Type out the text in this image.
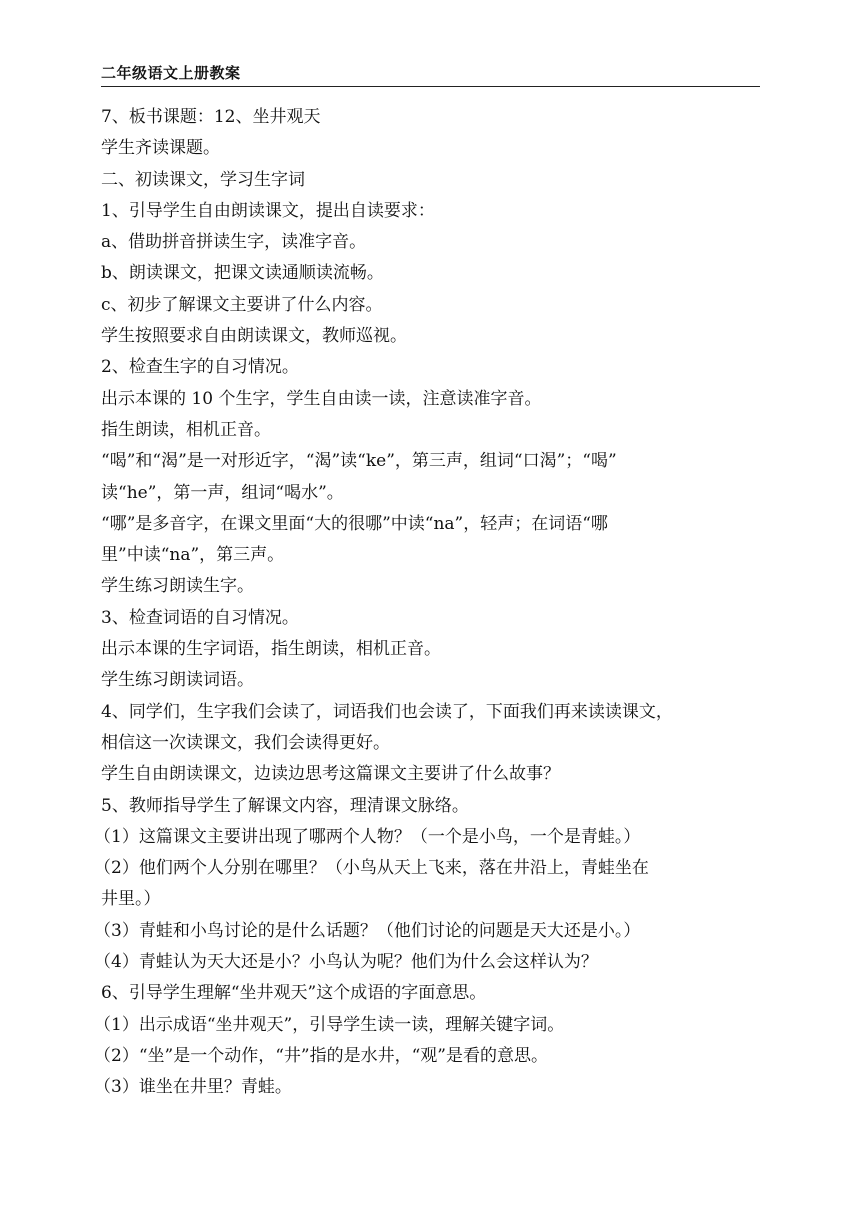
二年级语文上册教案
7、板书课题：12、坐井观天
学生齐读课题。
二、初读课文，学习生字词
1、引导学生自由朗读课文，提出自读要求：
a、借助拼音拼读生字，读准字音。
b、朗读课文，把课文读通顺读流畅。
c、初步了解课文主要讲了什么内容。
学生按照要求自由朗读课文，教师巡视。
2、检查生字的自习情况。
出示本课的 10 个生字，学生自由读一读，注意读准字音。
指生朗读，相机正音。
“喝”和“渴”是一对形近字，“渴”读“ke”，第三声，组词“口渴”；“喝”
读“he”，第一声，组词“喝水”。
“哪”是多音字，在课文里面“大的很哪”中读“na”，轻声；在词语“哪
里”中读“na”，第三声。
学生练习朗读生字。
3、检查词语的自习情况。
出示本课的生字词语，指生朗读，相机正音。
学生练习朗读词语。
4、同学们，生字我们会读了，词语我们也会读了，下面我们再来读读课文，
相信这一次读课文，我们会读得更好。
学生自由朗读课文，边读边思考这篇课文主要讲了什么故事？
5、教师指导学生了解课文内容，理清课文脉络。
（1）这篇课文主要讲出现了哪两个人物？（一个是小鸟，一个是青蛙。）
（2）他们两个人分别在哪里？（小鸟从天上飞来，落在井沿上，青蛙坐在
井里。）
（3）青蛙和小鸟讨论的是什么话题？（他们讨论的问题是天大还是小。）
（4）青蛙认为天大还是小？小鸟认为呢？他们为什么会这样认为？
6、引导学生理解“坐井观天”这个成语的字面意思。
（1）出示成语“坐井观天”，引导学生读一读，理解关键字词。
（2）“坐”是一个动作，“井”指的是水井，“观”是看的意思。
（3）谁坐在井里？青蛙。
